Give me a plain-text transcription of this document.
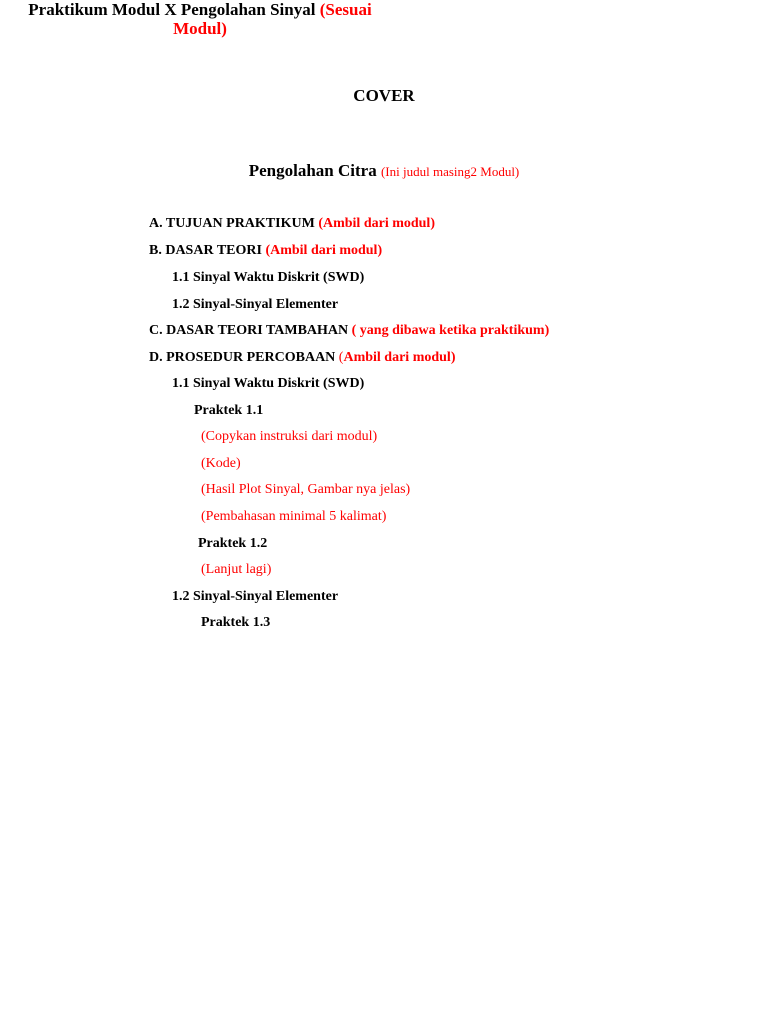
COVER
Praktikum Modul X Pengolahan Sinyal (Sesuai Modul)
Pengolahan Citra (Ini judul masing2 Modul)
A. TUJUAN PRAKTIKUM (Ambil dari modul)
B. DASAR TEORI (Ambil dari modul)
1.1 Sinyal Waktu Diskrit (SWD)
1.2 Sinyal-Sinyal Elementer
C. DASAR TEORI TAMBAHAN ( yang dibawa ketika praktikum)
D. PROSEDUR PERCOBAAN (Ambil dari modul)
1.1 Sinyal Waktu Diskrit (SWD)
Praktek 1.1
(Copykan instruksi dari modul)
(Kode)
(Hasil Plot Sinyal, Gambar nya jelas)
(Pembahasan minimal 5 kalimat)
Praktek 1.2
(Lanjut lagi)
1.2 Sinyal-Sinyal Elementer
Praktek 1.3
